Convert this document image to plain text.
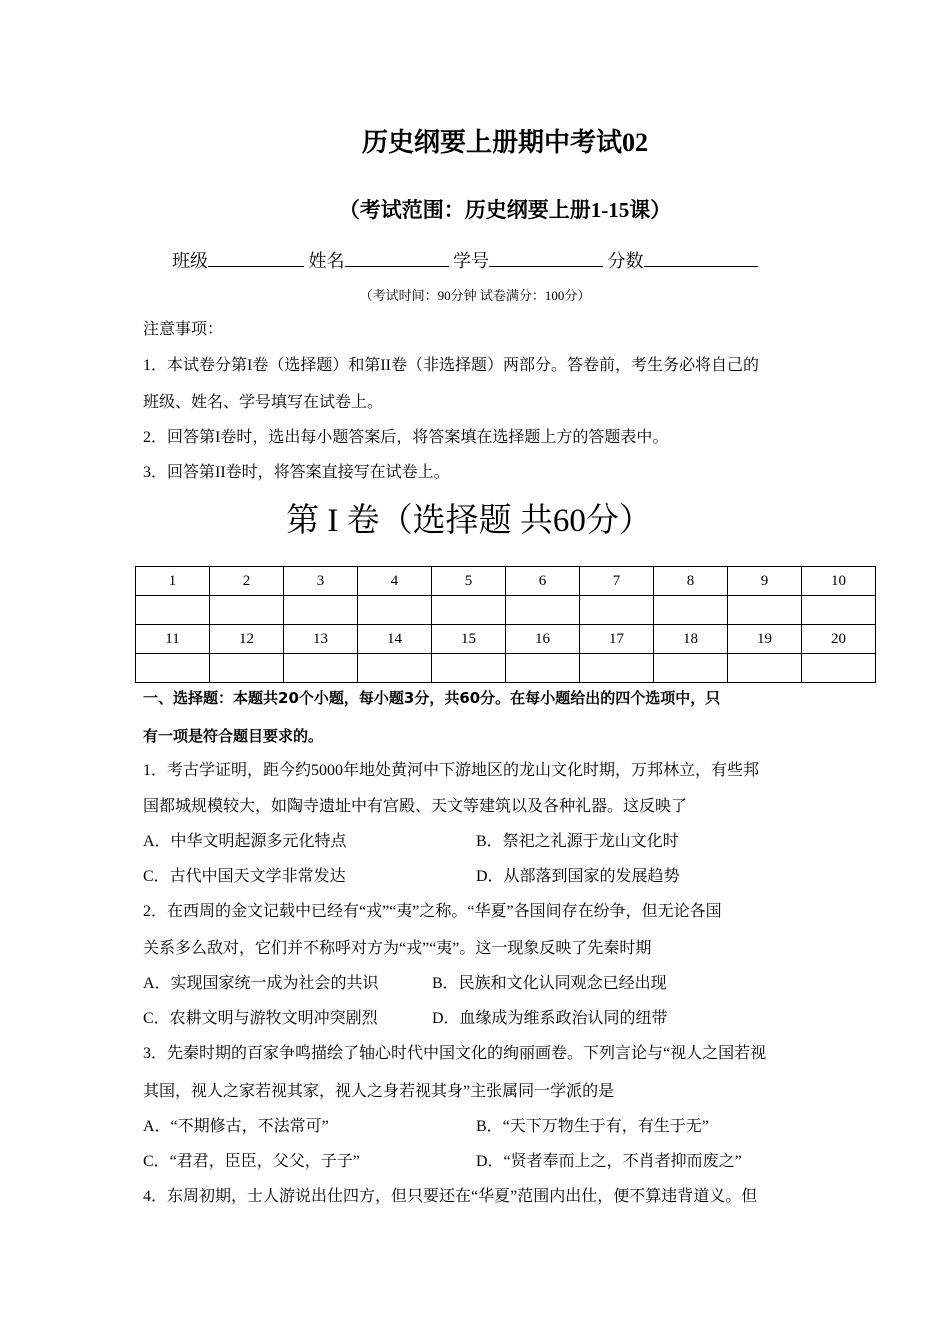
历史纲要上册期中考试02
（考试范围：历史纲要上册1-15课）
班级	姓名	学号	分数
（考试时间：90分钟 试卷满分：100分）
注意事项：
1．本试卷分第I卷（选择题）和第II卷（非选择题）两部分。答卷前，考生务必将自己的
班级、姓名、学号填写在试卷上。
2．回答第I卷时，选出每小题答案后，将答案填在选择题上方的答题表中。
3．回答第II卷时，将答案直接写在试卷上。
第 I 卷（选择题 共60分）
1	2	3	4	5	6	7	8	9	10

11	12	13	14	15	16	17	18	19	20

一、选择题：本题共20个小题，每小题3分，共60分。在每小题给出的四个选项中，只
有一项是符合题目要求的。
1．考古学证明，距今约5000年地处黄河中下游地区的龙山文化时期，万邦林立，有些邦
国都城规模较大，如陶寺遗址中有宫殿、天文等建筑以及各种礼器。这反映了
A．中华文明起源多元化特点	B．祭祀之礼源于龙山文化时
C．古代中国天文学非常发达	D．从部落到国家的发展趋势
2．在西周的金文记载中已经有“戎”“夷”之称。“华夏”各国间存在纷争，但无论各国
关系多么敌对，它们并不称呼对方为“戎”“夷”。这一现象反映了先秦时期
A．实现国家统一成为社会的共识	B．民族和文化认同观念已经出现
C．农耕文明与游牧文明冲突剧烈	D．血缘成为维系政治认同的纽带
3．先秦时期的百家争鸣描绘了轴心时代中国文化的绚丽画卷。下列言论与“视人之国若视
其国，视人之家若视其家，视人之身若视其身”主张属同一学派的是
A．“不期修古，不法常可”	B．“天下万物生于有，有生于无”
C．“君君，臣臣，父父，子子”	D．“贤者奉而上之，不肖者抑而废之”
4．东周初期，士人游说出仕四方，但只要还在“华夏”范围内出仕，便不算违背道义。但
